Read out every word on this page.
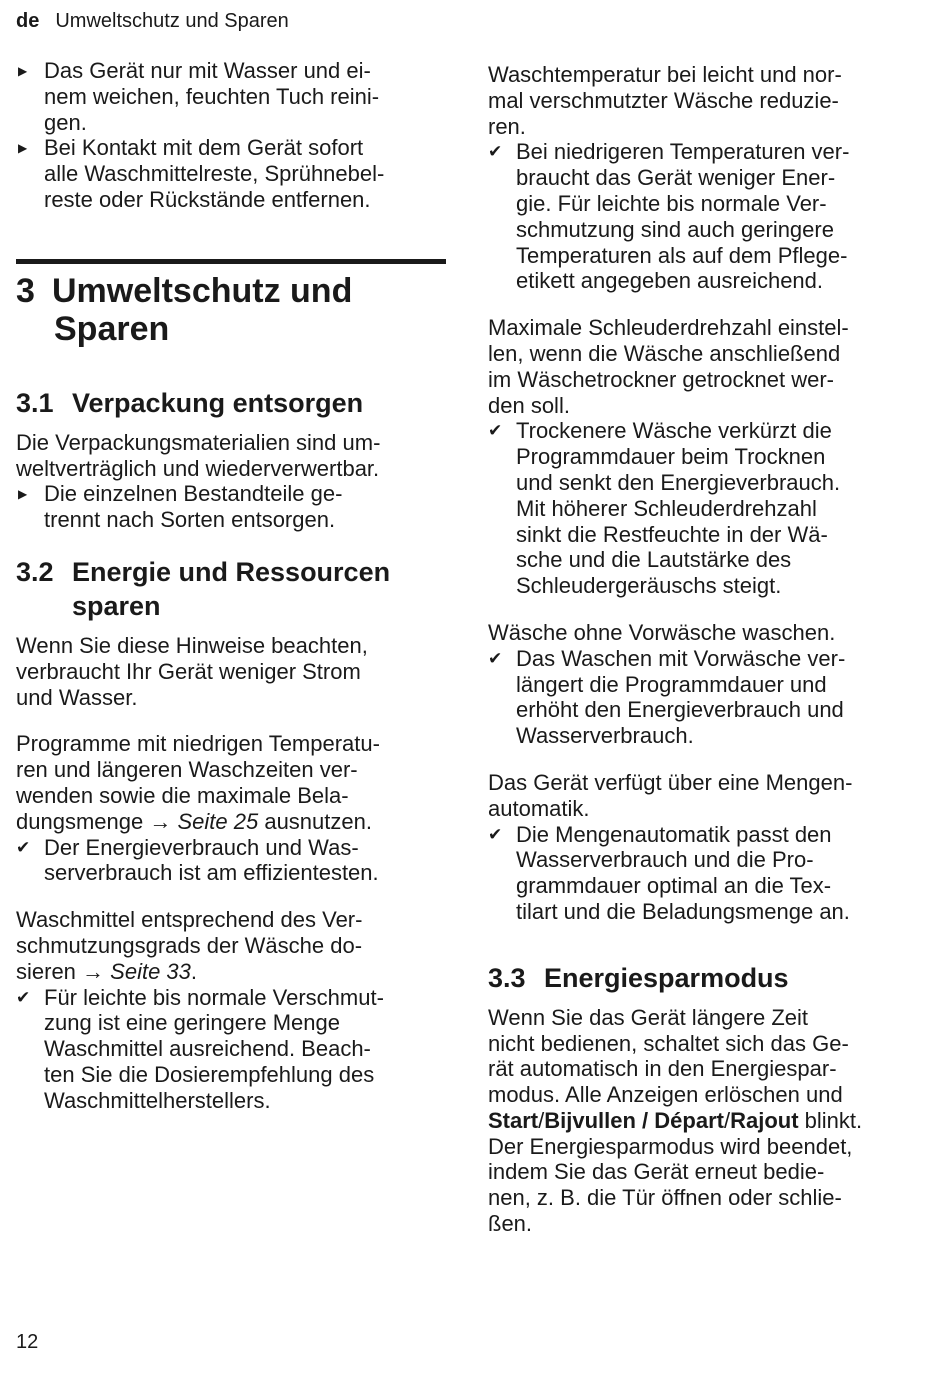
de Umweltschutz und Sparen
▶ Das Gerät nur mit Wasser und ei-
nem weichen, feuchten Tuch reini-
gen.
▶ Bei Kontakt mit dem Gerät sofort
alle Waschmittelreste, Sprühnebel-
reste oder Rückstände entfernen.
3 Umweltschutz und
Sparen
3.1 Verpackung entsorgen

Die Verpackungsmaterialien sind um-
weltverträglich und wiederverwertbar.

▶ Die einzelnen Bestandteile ge-
trennt nach Sorten entsorgen.
3.2 Energie und Ressourcen
sparen

Wenn Sie diese Hinweise beachten,
verbraucht Ihr Gerät weniger Strom
und Wasser.

Programme mit niedrigen Temperatu-
ren und längeren Waschzeiten ver-
wenden sowie die maximale Bela-
dungsmenge → Seite 25 ausnutzen.

✔ Der Energieverbrauch und Was-
serverbrauch ist am effizientesten.

Waschmittel entsprechend des Ver-
schmutzungsgrads der Wäsche do-
sieren → Seite 33.

✔ Für leichte bis normale Verschmut-
zung ist eine geringere Menge
Waschmittel ausreichend. Beach-
ten Sie die Dosierempfehlung des
Waschmittelherstellers.

Waschtemperatur bei leicht und nor-
mal verschmutzter Wäsche reduzie-
ren.

✔ Bei niedrigeren Temperaturen ver-
braucht das Gerät weniger Ener-
gie. Für leichte bis normale Ver-
schmutzung sind auch geringere
Temperaturen als auf dem Pflege-
etikett angegeben ausreichend.

Maximale Schleuderdrehzahl einstel-
len, wenn die Wäsche anschließend
im Wäschetrockner getrocknet wer-
den soll.

✔ Trockenere Wäsche verkürzt die
Programmdauer beim Trocknen
und senkt den Energieverbrauch.
Mit höherer Schleuderdrehzahl
sinkt die Restfeuchte in der Wä-
sche und die Lautstärke des
Schleudergeräuschs steigt.

Wäsche ohne Vorwäsche waschen.

✔ Das Waschen mit Vorwäsche ver-
längert die Programmdauer und
erhöht den Energieverbrauch und
Wasserverbrauch.

Das Gerät verfügt über eine Mengen-
automatik.

✔ Die Mengenautomatik passt den
Wasserverbrauch und die Pro-
grammdauer optimal an die Tex-
tilart und die Beladungsmenge an.
3.3 Energiesparmodus

Wenn Sie das Gerät längere Zeit
nicht bedienen, schaltet sich das Ge-
rät automatisch in den Energiespar-
modus. Alle Anzeigen erlöschen und
Start/Bijvullen / Départ/Rajout blinkt.
Der Energiesparmodus wird beendet,
indem Sie das Gerät erneut bedie-
nen, z. B. die Tür öffnen oder schlie-
ßen.

12
